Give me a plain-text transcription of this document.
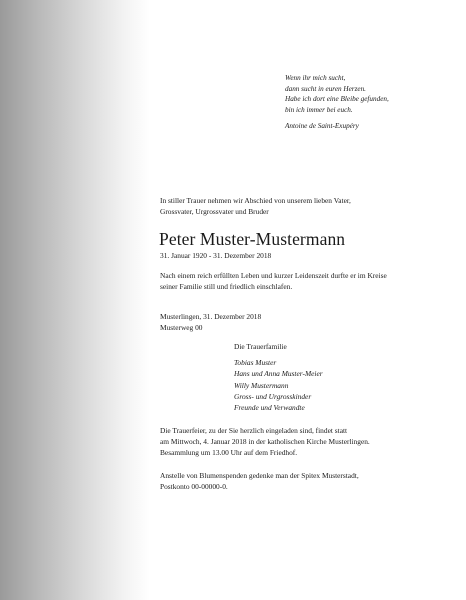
Wenn ihr mich sucht,
dann sucht in euren Herzen.
Habe ich dort eine Bleibe gefunden,
bin ich immer bei euch.
Antoine de Saint-Exupéry
In stiller Trauer nehmen wir Abschied von unserem lieben Vater,
Grossvater, Urgrossvater und Bruder
Peter Muster-Mustermann
31. Januar 1920 - 31. Dezember 2018
Nach einem reich erfüllten Leben und kurzer Leidenszeit durfte er im Kreise
seiner Familie still und friedlich einschlafen.
Musterlingen, 31. Dezember 2018
Musterweg 00
Die Trauerfamilie
Tobias Muster
Hans und Anna Muster-Meier
Willy Mustermann
Gross- und Urgrosskinder
Freunde und Verwandte
Die Trauerfeier, zu der Sie herzlich eingeladen sind, findet statt
am Mittwoch, 4. Januar 2018 in der katholischen Kirche Musterlingen.
Besammlung um 13.00 Uhr auf dem Friedhof.
Anstelle von Blumenspenden gedenke man der Spitex Musterstadt,
Postkonto 00-00000-0.
